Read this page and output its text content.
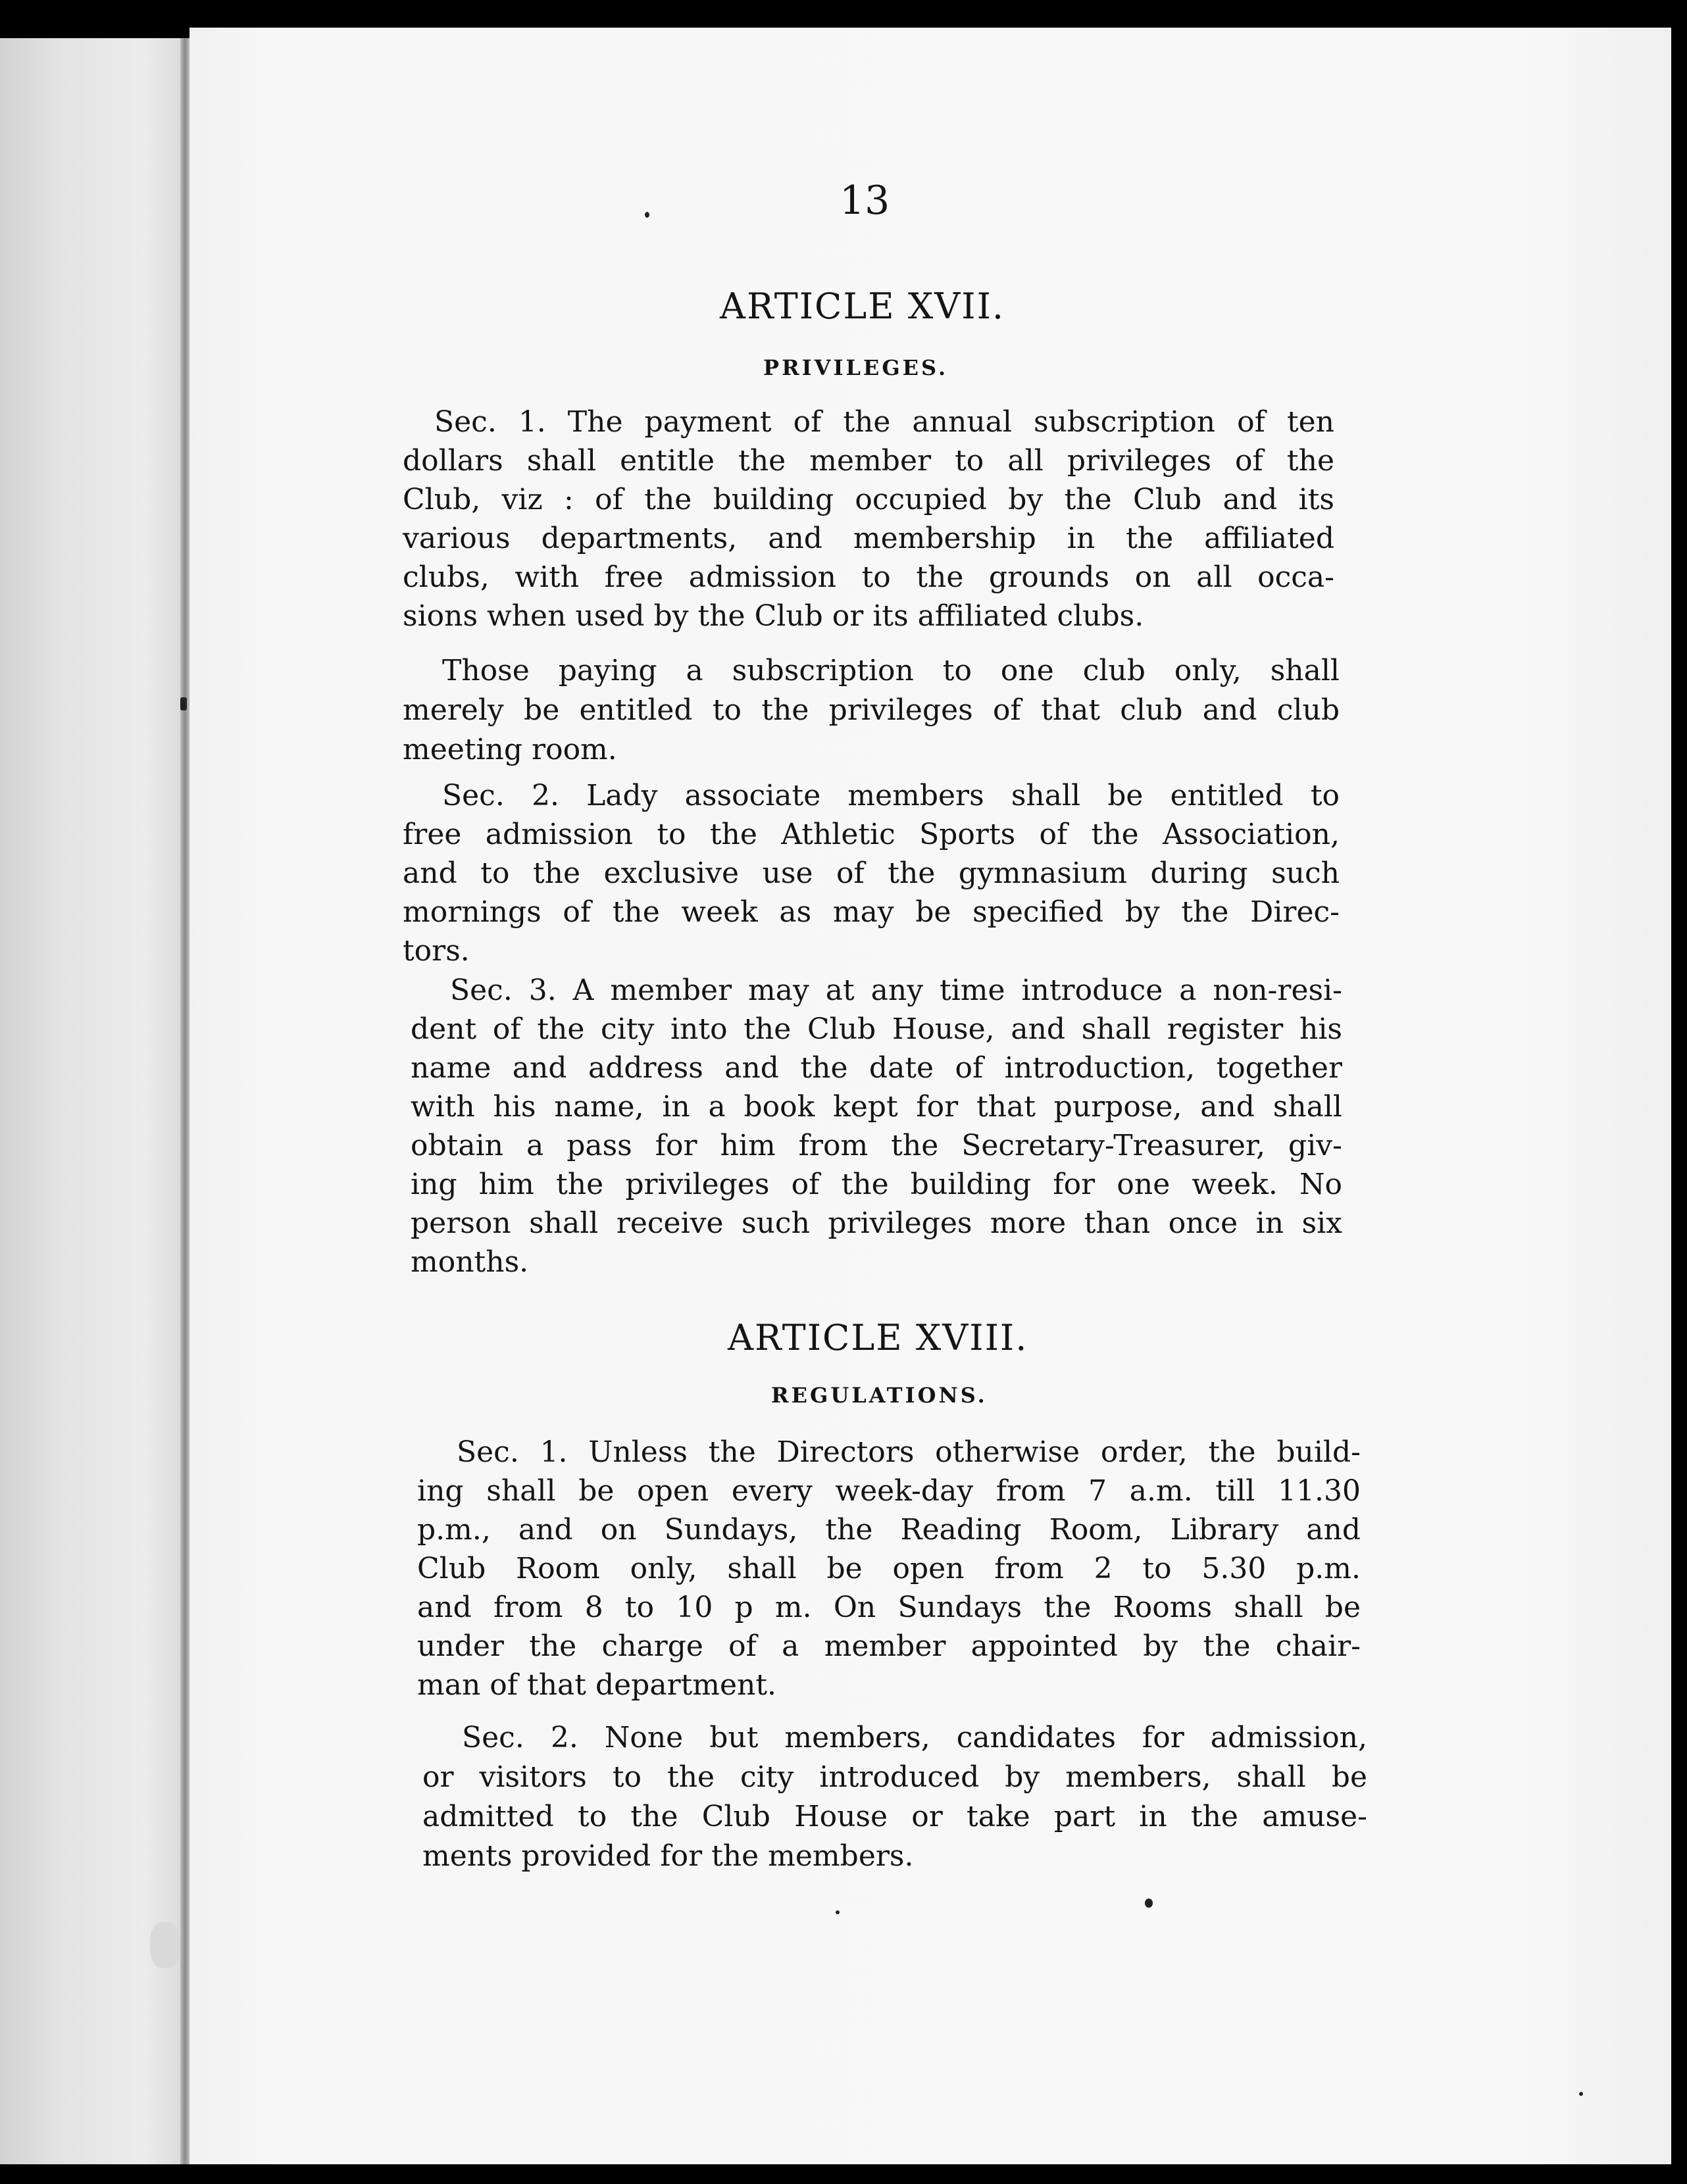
13
ARTICLE XVII.
PRIVILEGES.
Sec. 1. The payment of the annual subscription of ten
dollars shall entitle the member to all privileges of the
Club, viz : of the building occupied by the Club and its
various departments, and membership in the affiliated
clubs, with free admission to the grounds on all occa-
sions when used by the Club or its affiliated clubs.
Those paying a subscription to one club only, shall
merely be entitled to the privileges of that club and club
meeting room.
Sec. 2. Lady associate members shall be entitled to
free admission to the Athletic Sports of the Association,
and to the exclusive use of the gymnasium during such
mornings of the week as may be specified by the Direc-
tors.
Sec. 3. A member may at any time introduce a non-resi-
dent of the city into the Club House, and shall register his
name and address and the date of introduction, together
with his name, in a book kept for that purpose, and shall
obtain a pass for him from the Secretary-Treasurer, giv-
ing him the privileges of the building for one week. No
person shall receive such privileges more than once in six
months.
ARTICLE XVIII.
REGULATIONS.
Sec. 1. Unless the Directors otherwise order, the build-
ing shall be open every week-day from 7 a.m. till 11.30
p.m., and on Sundays, the Reading Room, Library and
Club Room only, shall be open from 2 to 5.30 p.m.
and from 8 to 10 p m. On Sundays the Rooms shall be
under the charge of a member appointed by the chair-
man of that department.
Sec. 2. None but members, candidates for admission,
or visitors to the city introduced by members, shall be
admitted to the Club House or take part in the amuse-
ments provided for the members.
